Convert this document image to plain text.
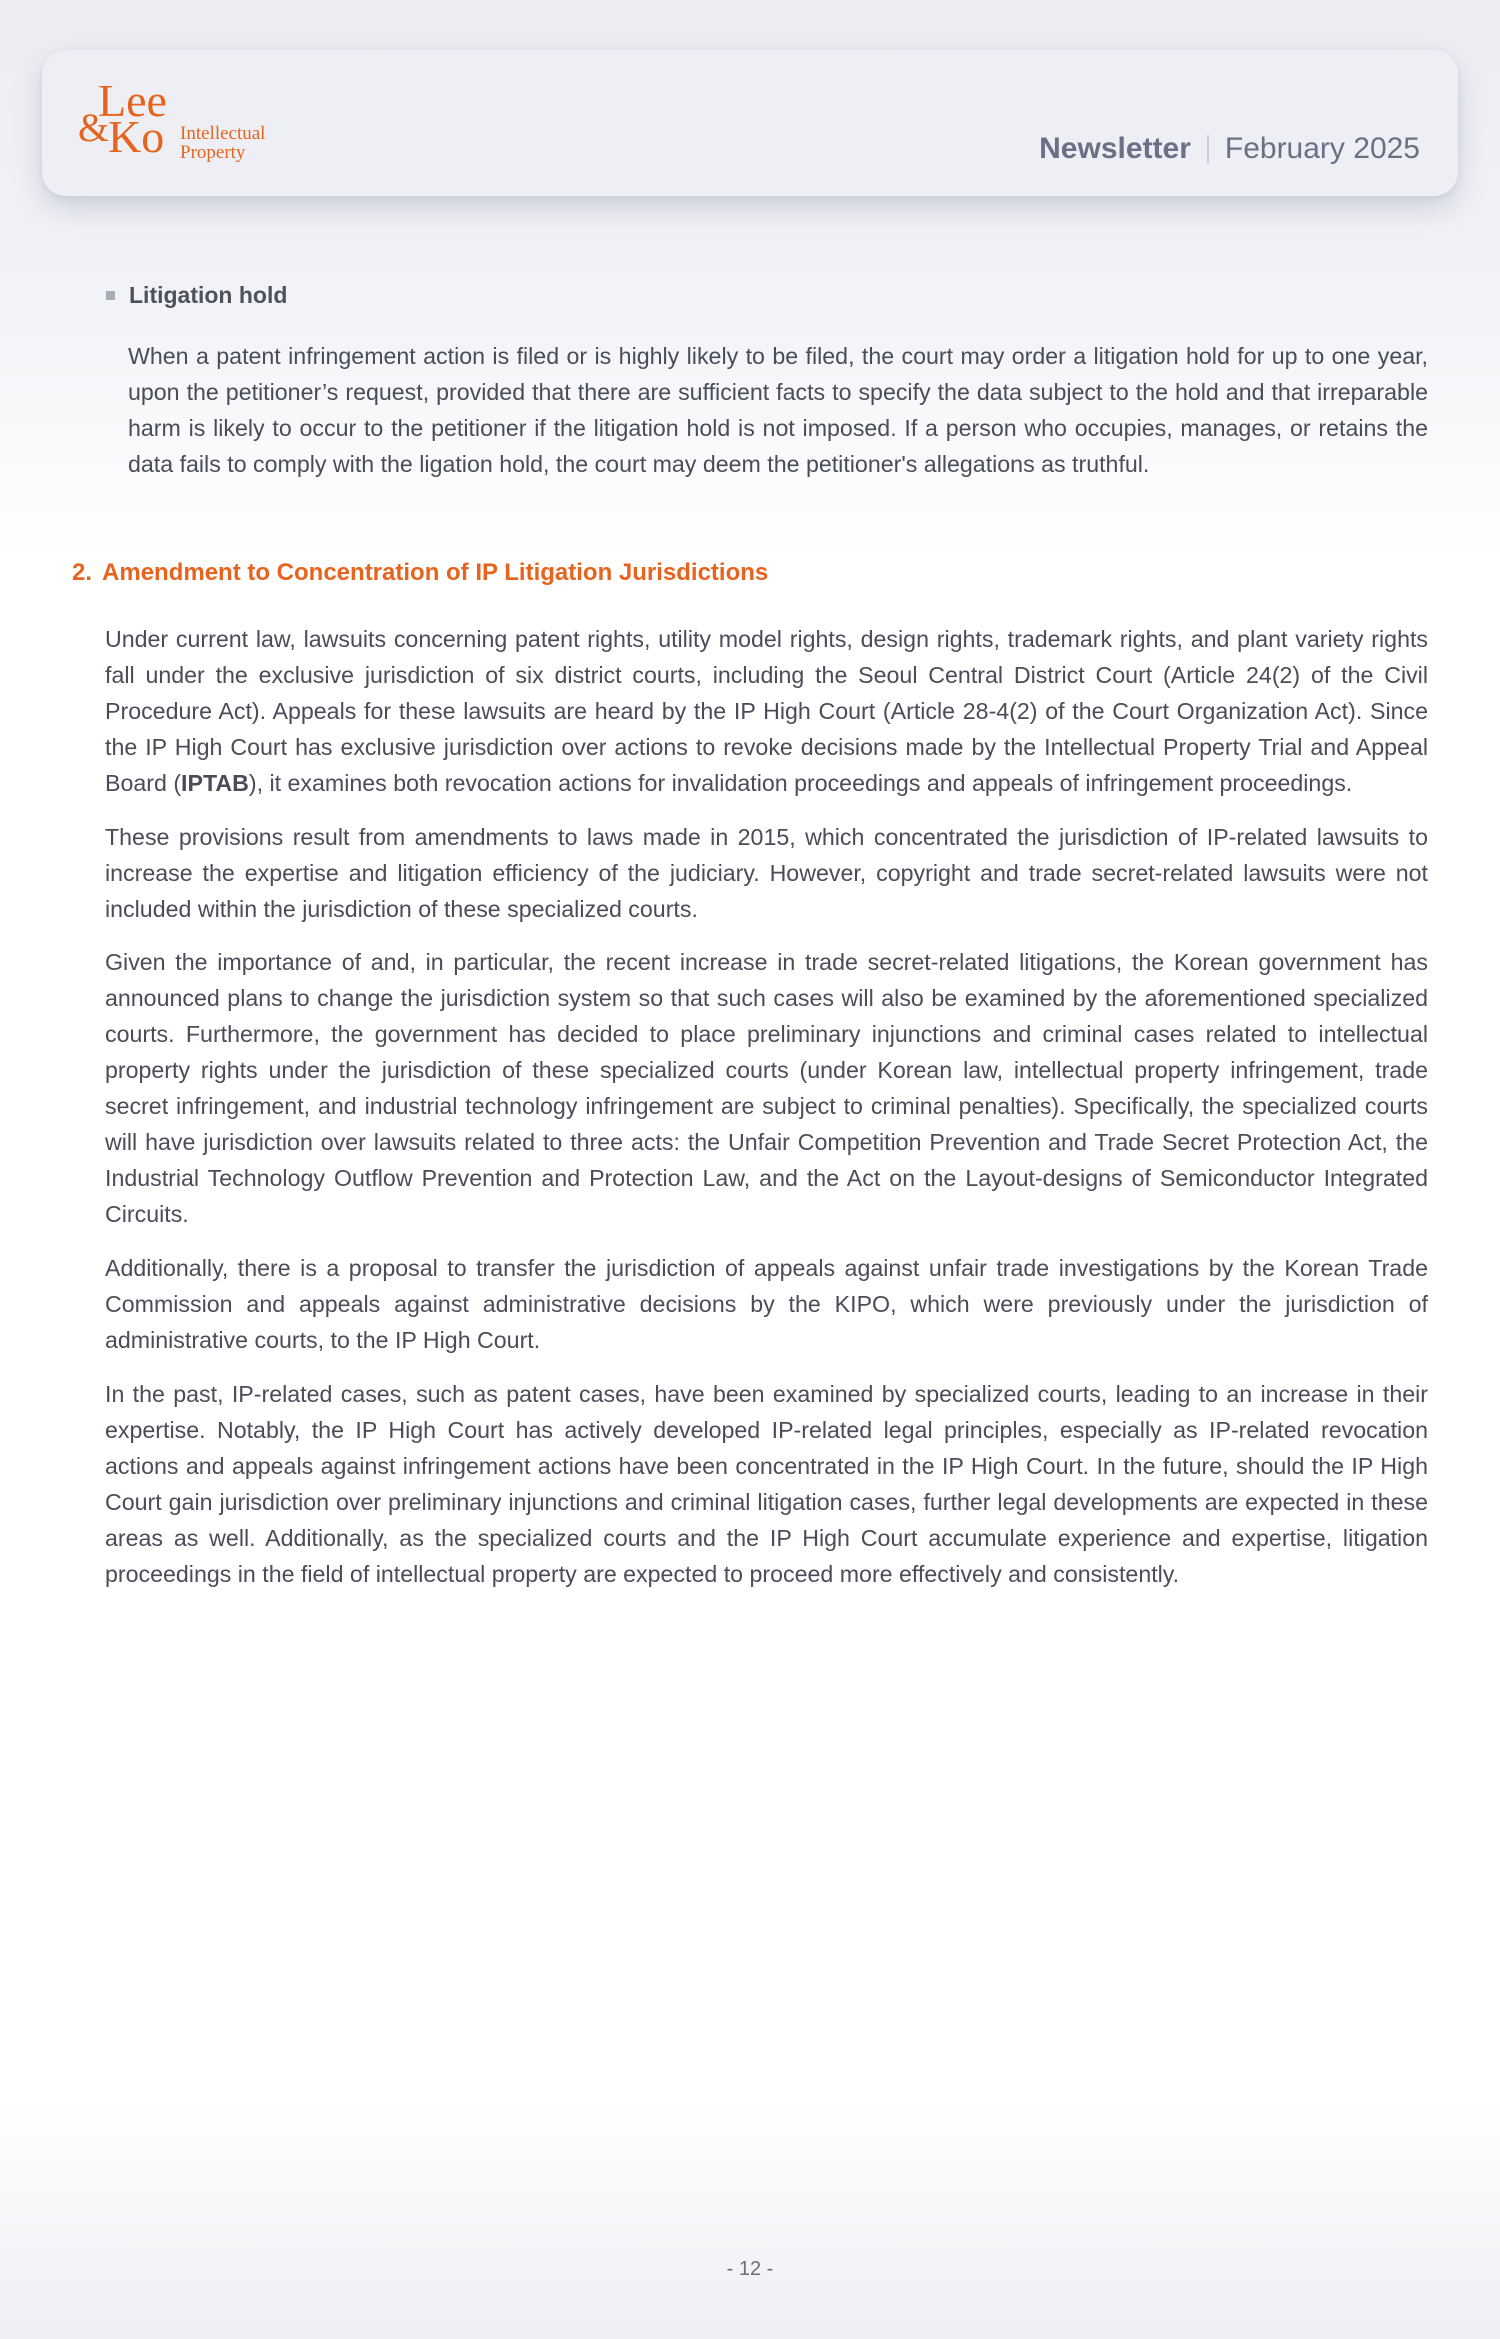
Lee
&
Ko Intellectual
Property	Newsletter February 2025
Litigation hold

When a patent infringement action is filed or is highly likely to be filed, the court may order a litigation hold for up to one year, upon the petitioner’s request, provided that there are sufficient facts to specify the data subject to the hold and that irreparable harm is likely to occur to the petitioner if the litigation hold is not imposed. If a person who occupies, manages, or retains the data fails to comply with the ligation hold, the court may deem the petitioner's allegations as truthful.

2. Amendment to Concentration of IP Litigation Jurisdictions

Under current law, lawsuits concerning patent rights, utility model rights, design rights, trademark rights, and plant variety rights fall under the exclusive jurisdiction of six district courts, including the Seoul Central District Court (Article 24(2) of the Civil Procedure Act). Appeals for these lawsuits are heard by the IP High Court (Article 28-4(2) of the Court Organization Act). Since the IP High Court has exclusive jurisdiction over actions to revoke decisions made by the Intellectual Property Trial and Appeal Board (IPTAB), it examines both revocation actions for invalidation proceedings and appeals of infringement proceedings.

These provisions result from amendments to laws made in 2015, which concentrated the jurisdiction of IP-related lawsuits to increase the expertise and litigation efficiency of the judiciary. However, copyright and trade secret-related lawsuits were not included within the jurisdiction of these specialized courts.

Given the importance of and, in particular, the recent increase in trade secret-related litigations, the Korean government has announced plans to change the jurisdiction system so that such cases will also be examined by the aforementioned specialized courts. Furthermore, the government has decided to place preliminary injunctions and criminal cases related to intellectual property rights under the jurisdiction of these specialized courts (under Korean law, intellectual property infringement, trade secret infringement, and industrial technology infringement are subject to criminal penalties). Specifically, the specialized courts will have jurisdiction over lawsuits related to three acts: the Unfair Competition Prevention and Trade Secret Protection Act, the Industrial Technology Outflow Prevention and Protection Law, and the Act on the Layout-designs of Semiconductor Integrated Circuits.

Additionally, there is a proposal to transfer the jurisdiction of appeals against unfair trade investigations by the Korean Trade Commission and appeals against administrative decisions by the KIPO, which were previously under the jurisdiction of administrative courts, to the IP High Court.

In the past, IP-related cases, such as patent cases, have been examined by specialized courts, leading to an increase in their expertise. Notably, the IP High Court has actively developed IP-related legal principles, especially as IP-related revocation actions and appeals against infringement actions have been concentrated in the IP High Court. In the future, should the IP High Court gain jurisdiction over preliminary injunctions and criminal litigation cases, further legal developments are expected in these areas as well. Additionally, as the specialized courts and the IP High Court accumulate experience and expertise, litigation proceedings in the field of intellectual property are expected to proceed more effectively and consistently.

- 12 -
